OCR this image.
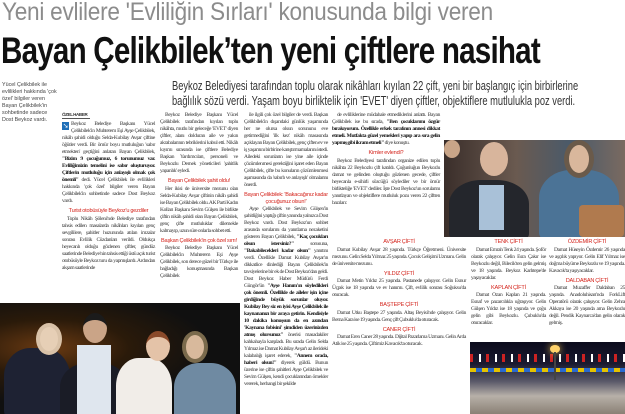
Yeni evlilere 'Evliliğin Sırları' konusunda bilgi veren
Bayan Çelikbilek’ten yeni çiftlere nasihat
Yücel Çelikbilek ile evlilikleri hakkında 'çok özel' bilgiler veren Bayan Çelikbilek'in sohbetinde sadece Dost Beykoz vardı.
Beykoz Belediyesi tarafından toplu olarak nikâhları kıyılan 22 çift, yeni bir başlangıç için birbirlerine
bağlılık sözü verdi. Yaşam boyu birliktelik için 'EVET' diyen çiftler, objektiflere mutlulukla poz verdi.
ÖZEL HABER

➘ Beykoz Belediye Başkanı Yücel Çelikbilek'in Muhterem Eşi Ayşe Çelikbilek, nikâh şahidi olduğu Selda-Kubilay Avşar çiftine öğütler verdi. Bir ömür boyu mutluluğun 'sabır etmekten' geçtiğini anlatan Bayan Çelikbilek, "Bizim 9 çocuğumuz, 6 torunumuz var. Evliliğimizin temelini ise sabır oluşturuyor. Çiftlerin mutluluğu için anlayışlı olmak çok önemli" dedi. Yücel Çelikbilek ile evlilikleri hakkında 'çok özel' bilgiler veren Bayan Çelikbilek'in sohbetinde sadece Dost Beykoz vardı.

Turist otobüsüyle Beykoz'u gezdiler

Toplu Nikâh Şöleni'nde Belediye tarafından tahsis edilen masalarda nikâhları kıyılan genç sevgililere, şahitler huzurunda atılan imzalar sonrası Evlilik Cüzdanları verildi. Oldukça heyecanlı olduğu gözlenen çiftler, gündüz saatlerinde Belediye'nin tahsis ettiği üstü açık turist otobüsüyle Beykoz turu da yapmışlardı. Ardından akşam saatlerinde

Beykoz Belediye Başkanı Yücel Çelikbilek tarafından kıyılan toplu nikâhta, mutlu bir geleceğe 'EVET' diyen çiftler, alanı dolduran aile ve yakın akrabalarının tebriklerini kabul etti. Nikâh kıyımı sırasında ise çiftlere Belediye Başkan Yardımcıları, personeli ve Beykozlu Dernek yöneticileri 'şahitlik yapanlık' eyledi.

Bayan Çelikbilek şahit oldu!

Her ikisi de üniversite mezunu olan Selda-Kubilay Avşar çiftinin nikâh şahidi ise Bayan Çelikbilek oldu. AK Parti Kadın Kolları Başkanı Sevim Gülşen ile birlikte çiftin nikâh şahidi olan Bayan Çelikbilek, genç çifte mutluluklar dilemekle kalmayıp, uzun süre onlarla sohbet etti.

Başkan Çelikbilek'in çok özel sırrı!

Beykoz Belediye Başkanı Yücel Çelikbilek'in Muhterem Eşi Ayşe Çelikbilek, son derece güzel bir Türkçe ile bağladığı konuşmasında Başkan Çelikbilek

ile ilgili çok özel bilgiler de verdi. Başkan Çelikbilek'in dışarıdaki günlük yaşamında her ne olursa olsun sorununu eve getirmediğini 'ilk kez' nikâh masasında açıklayan Bayan Çelikbilek, genç çiften ev ve iş yaşamını birbirine karıştırmamalarını istedi. Ailedeki sorunların ise yine aile içinde çözümlenmesi gerektiğini işaret eden Bayan Çelikbilek, çifte bu konuların çözümlenmesi aşamasında da 'sabırlı ve anlayışlı' olmalarını önerdi.

Bayan Çelikbilek: 'Bakacağınız kadar çocuğunuz olsun!'

Ayşe Çelikbilek ve Sevim Gülşen'in şahitliğini yaptığı çiftin yanında yalnızca Dost Beykoz vardı. Dost Beykoz'un sohbet arasında sorularını da yanıtlama nezaketini gösteren Bayan Çelikbilek, "Kaç çocukları olsun istersiniz?"	sorusuna, "Bakabilecekleri kadar olsun" yanıtını verdi. Özellikle Damat Kubilay Avşar'ın dikkatlice dinlediği Bayan Çelikbilek'in tavsiyelerine bir ek de Dost Beykoz'dan geldi. Dost Beykoz Haber Müdürü Ferdi Güngör'ün "Ayşe Hanım'ın söyledikleri çok önemli. Özellikle de aileler işin içine girdiğinde büyük sorunlar oluyor. Kubilay Bey siz en iyisi Ayşe Çelikbilek ile kaynananızı bir araya getirin. Kendisiyle 10 dakika konuşsun da en azından 'Kaynana fobisini' şimdiden üzerinizden atmış olursunuz" önerisi masadakiler kahkahayla karşıladı. Bu sırada Gelin Selda Yılmaz ise Damat Kubilay Avşar'ı az ilerideki kalabalığı işaret ederek, "Annem orada, haberi olsun!" diyerek güldü. Bunun üzerine ise çiftin şahitleri Ayşe Çelikbilek ve Sevim Gülşen, kendi çocuklarından örnekler vererek, herhangi bir şekilde

de evliliklerine müdahale etmediklerini anlattı. Bayan Çelikbilek ise bu sırada, "Ben çocuklarımı özgür bırakıyorum. Özellikle erkek tarafının annesi dikkat etmeli. Mutfakta güzel yemekleri yapıp ara sıra gelin yapmış gibi ikram etmeli" diye konuştu.

Kimler evlendi?

Beykoz Belediyesi tarafından organize edilen toplu nikâhta 22 Beykozlu çift katıldı. Çoğunluğun Beykozlu damat ve gelinden oluştuğu gözlenen gecede, çiftler heyecanla e-sihirli sözcüğü söylediler ve bir ömür birlikteliğe 'EVET' dediler. İşte Dost Beykoz'un sorularını yanıtlayan ve objektiflere mutluluk pozu veren 22 çiftten bazıları:

AVŞAR ÇİFTİ

Damat Kubilay Avşar 28 yaşında. Türkçe Öğretmeni. Üniversite mezunu. Gelin Selda Yılmaz 25 yaşında. Çocuk Gelişimi Uzmanı. Gelin de üniversite mezunu.

YILDIZ ÇİFTİ

Damat Metin Yıldız 25 yaşında. Pastanede çalışıyor. Gelin Esnur Üçpık ise 18 yaşında ve ev hanımı. Çift, evlilik sonrası Soğuksu'da oturacak.

BAŞTEPE ÇİFTİ

Damat Utku Baştepe 27 yaşında. Altaş Beyisi'nde çalışıyor. Gelin Berna Kara ise 19 yaşında. Genç çift Çubuklu'da oturacak.

CANER ÇİFTİ

Damat Eren Caner 28 yaşında. Dijital Pazarlama Uzmanı. Gelin Arda Atik ise 25 yaşında. Çiftimiz Kavacık'ta oturacak.

TENK ÇİFTİ

Damat Emrah Tenk 24 yaşında. Şoför olarak çalışıyor. Gelin Esra Çakır ise Beykozlu değil, Bilecik'ten gelin gelmiş ve 18 yaşında. Beykoz Karlıtepe'de yaşayacaklar.

KAPLAN ÇİFTİ

Damat Ozan Kaplan 21 yaşında. Esnaf ve pazarcılıkla uğraşıyor. Gelin Gülşen Yıldız ise 18 yaşında ve çoğu gelin gibi Beykozlu. Çubuklu'da oturacaklar.

ÖZDEMİR ÇİFTİ

Damat Hüseyin Özdemir 26 yaşında ve aşçılık yapıyor. Gelin Elif Yılmaz ise doğma büyüme Beykozlu ve 19 yaşında. Kavacık'ta yaşıyacaklar.

DALDABAN ÇİFTİ

Damat Muzaffer Daldaban 25 yaşında. Anadoluhisarı'nda ForkLift Operatörü olarak çalışıyor. Gelin Zehra Akkaya ise 20 yaşında ama Beykozlu değil. Pendik Kaynarca'dan gelin olarak gelmiş.
